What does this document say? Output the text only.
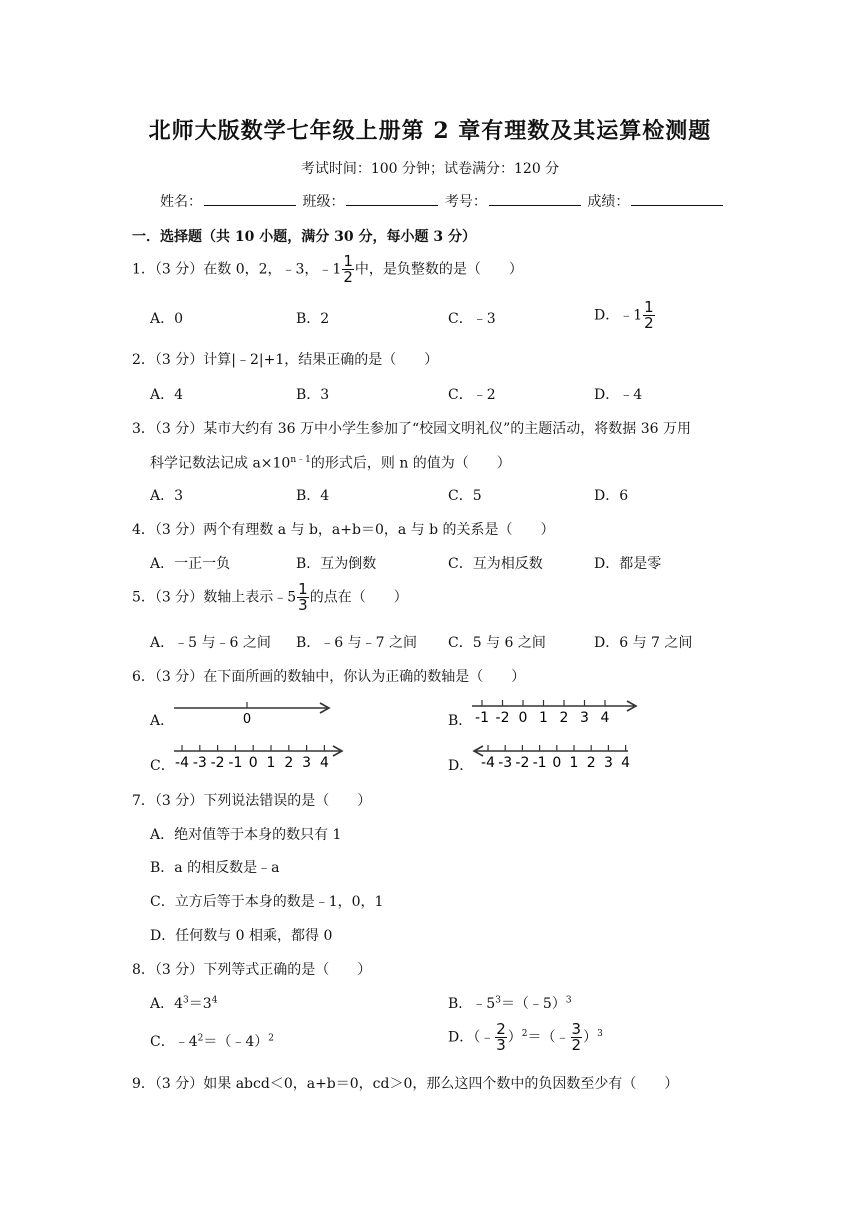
北师大版数学七年级上册第 2 章有理数及其运算检测题
考试时间：100 分钟；试卷满分：120 分
姓名：	班级：	考号：	成绩：
一．选择题（共 10 小题，满分 30 分，每小题 3 分）
1．（3 分）在数 0，2，﹣3，﹣1 $\frac{1}{2}$ 中，是负整数的是（　　）
A．0	B．2	C．﹣3	D．﹣1 $\frac{1}{2}$
2．（3 分）计算|﹣2|+1，结果正确的是（　　）
A．4	B．3	C．﹣2	D．﹣4
3．（3 分）某市大约有 36 万中小学生参加了“校园文明礼仪”的主题活动，将数据 36 万用
科学记数法记成 $a\times 10^{n﹣1}$的形式后，则 n 的值为（　　）
A．3	B．4	C．5	D．6
4．（3 分）两个有理数 a 与 b，a+b＝0，a 与 b 的关系是（　　）
A．一正一负	B．互为倒数	C．互为相反数	D．都是零
5．（3 分）数轴上表示﹣5 $\frac{1}{3}$ 的点在（　　）
A．﹣5 与﹣6 之间 B．﹣6 与﹣7 之间 C．5 与 6 之间	D．6 与 7 之间
6．（3 分）在下面所画的数轴中，你认为正确的数轴是（　　）
A．	B．
C．	D．
0	-1 -2 0 1 2 3 4
-4 -3 -2 -1 0 1 2 3 4	-4 -3 -2 -1 0 1 2 3 4
7．（3 分）下列说法错误的是（　　）
A．绝对值等于本身的数只有 1
B．a 的相反数是﹣a
C．立方后等于本身的数是﹣1，0，1
D．任何数与 0 相乘，都得 0
8．（3 分）下列等式正确的是（　　）
A．$4^3=3^4$	B．$﹣5^3=(﹣5)^3$
C．$﹣4^2=(﹣4)^2$	D．（﹣ $\frac{2}{3}$ ）$^2$＝（﹣ $\frac{3}{2} )^3$
9．（3 分）如果 abcd＜0，a+b＝0，cd＞0，那么这四个数中的负因数至少有（　　）
